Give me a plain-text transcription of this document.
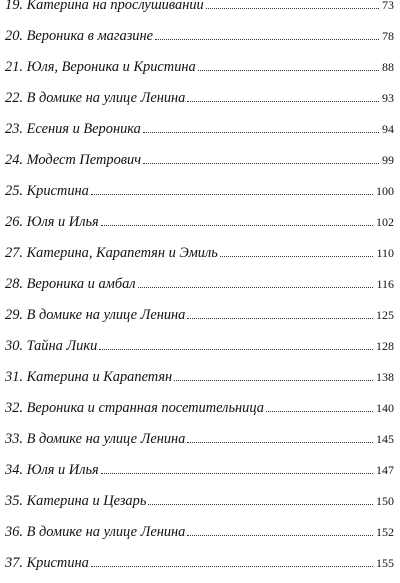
19. Катерина на прослушивании	73
20. Вероника в магазине	78
21. Юля, Вероника и Кристина	88
22. В домике на улице Ленина	93
23. Есения и Вероника	94
24. Модест Петрович	99
25. Кристина	100
26. Юля и Илья	102
27. Катерина, Карапетян и Эмиль	110
28. Вероника и амбал	116
29. В домике на улице Ленина	125
30. Тайна Лики	128
31. Катерина и Карапетян	138
32. Вероника и странная посетительница	140
33. В домике на улице Ленина	145
34. Юля и Илья	147
35. Катерина и Цезарь	150
36. В домике на улице Ленина	152
37. Кристина	155
